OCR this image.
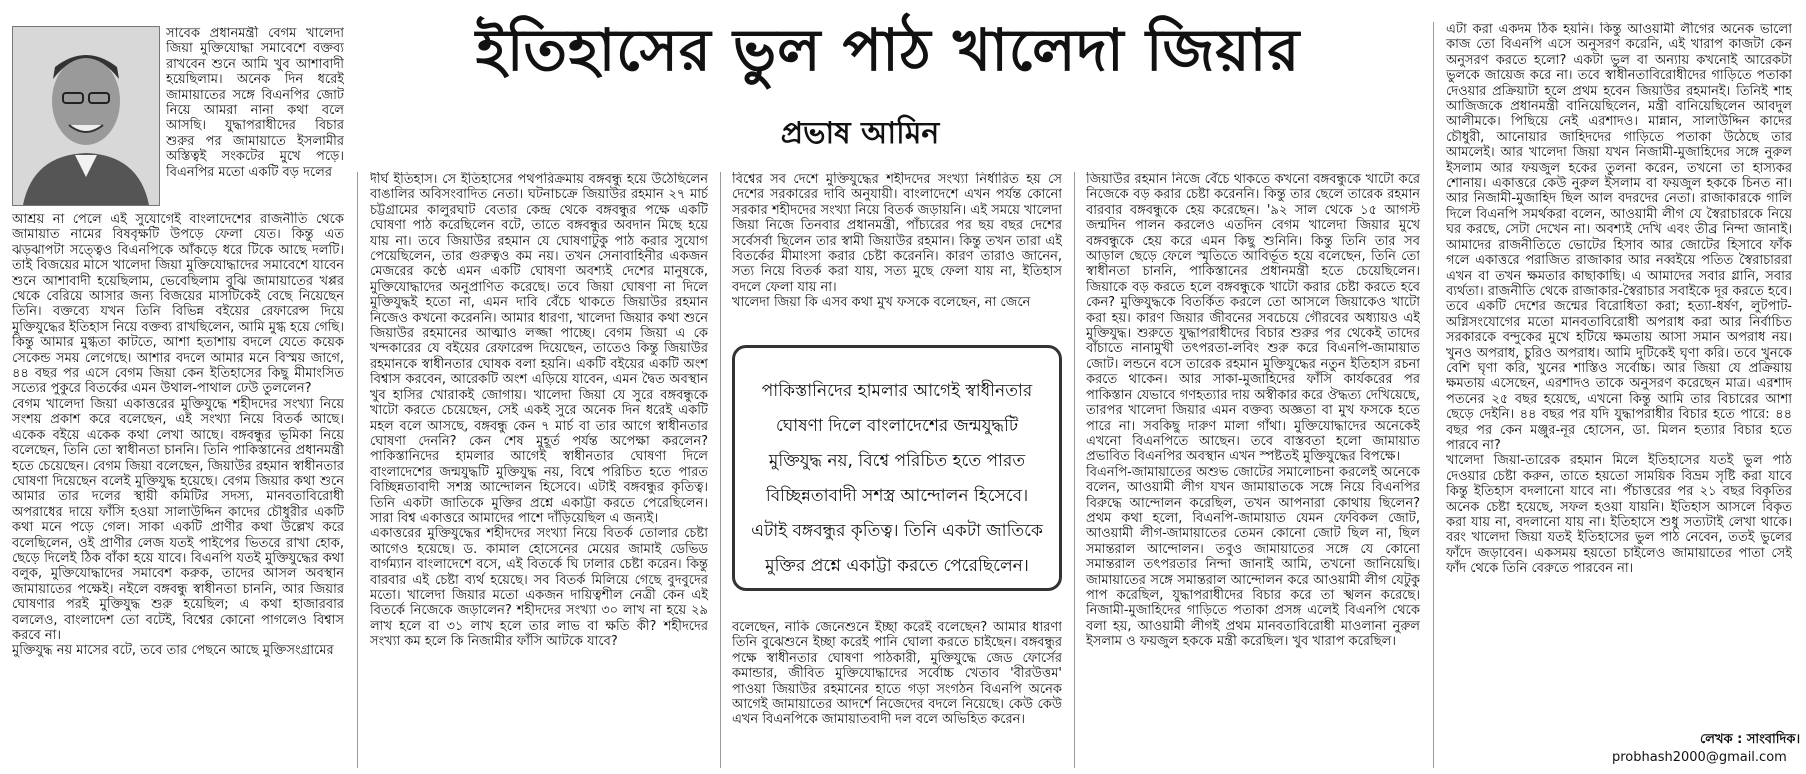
সাবেক প্রধানমন্ত্রী বেগম খালেদা জিয়া মুক্তিযোদ্ধা সমাবেশে বক্তব্য রাখবেন শুনে আমি খুব আশাবাদী হয়েছিলাম। অনেক দিন ধরেই জামায়াতের সঙ্গে বিএনপির জোট নিয়ে আমরা নানা কথা বলে আসছি। যুদ্ধাপরাধীদের বিচার শুরুর পর জামায়াতে ইসলামীর অস্তিত্বই সংকটের মুখে পড়ে। বিএনপির মতো একটি বড় দলের

আশ্রয় না পেলে এই সুযোগেই বাংলাদেশের রাজনীতি থেকে জামায়াত নামের বিষবৃক্ষটি উপড়ে ফেলা যেত। কিন্তু এত ঝড়ঝাপটা সত্ত্বেও বিএনপিকে আঁকড়ে ধরে টিকে আছে দলটি। তাই বিজয়ের মাসে খালেদা জিয়া মুক্তিযোদ্ধাদের সমাবেশে যাবেন শুনে আশাবাদী হয়েছিলাম, ভেবেছিলাম বুঝি জামায়াতের খপ্পর থেকে বেরিয়ে আসার জন্য বিজয়ের মাসটিকেই বেছে নিয়েছেন তিনি। বক্তব্যে যখন তিনি বিভিন্ন বইয়ের রেফারেন্স দিয়ে মুক্তিযুদ্ধের ইতিহাস নিয়ে বক্তব্য রাখছিলেন, আমি মুগ্ধ হয়ে গেছি। কিন্তু আমার মুগ্ধতা কাটতে, আশা হতাশায় বদলে যেতে কয়েক সেকেন্ড সময় লেগেছে। আশার বদলে আমার মনে বিস্ময় জাগে, ৪৪ বছর পর এসে বেগম জিয়া কেন ইতিহাসের কিছু মীমাংসিত সত্যের পুকুরে বিতর্কের এমন উথাল-পাথাল ঢেউ তুললেন?
বেগম খালেদা জিয়া একাত্তরের মুক্তিযুদ্ধে শহীদদের সংখ্যা নিয়ে সংশয় প্রকাশ করে বলেছেন, এই সংখ্যা নিয়ে বিতর্ক আছে। একেক বইয়ে একেক কথা লেখা আছে। বঙ্গবন্ধুর ভূমিকা নিয়ে বলেছেন, তিনি তো স্বাধীনতা চাননি। তিনি পাকিস্তানের প্রধানমন্ত্রী হতে চেয়েছেন। বেগম জিয়া বলেছেন, জিয়াউর রহমান স্বাধীনতার ঘোষণা দিয়েছেন বলেই মুক্তিযুদ্ধ হয়েছে। বেগম জিয়ার কথা শুনে আমার তার দলের স্থায়ী কমিটির সদস্য, মানবতাবিরোধী অপরাধের দায়ে ফাঁসি হওয়া সালাউদ্দিন কাদের চৌধুরীর একটি কথা মনে পড়ে গেল। সাকা একটি প্রাণীর কথা উল্লেখ করে বলেছিলেন, ওই প্রাণীর লেজ যতই পাইপের ভিতরে রাখা হোক, ছেড়ে দিলেই ঠিক বাঁকা হয়ে যাবে। বিএনপি যতই মুক্তিযুদ্ধের কথা বলুক, মুক্তিযোদ্ধাদের সমাবেশ করুক, তাদের আসল অবস্থান জামায়াতের পক্ষেই। নইলে বঙ্গবন্ধু স্বাধীনতা চাননি, আর জিয়ার ঘোষণার পরই মুক্তিযুদ্ধ শুরু হয়েছিল; এ কথা হাজারবার বললেও, বাংলাদেশ তো বটেই, বিশ্বের কোনো পাগলেও বিশ্বাস করবে না।
মুক্তিযুদ্ধ নয় মাসের বটে, তবে তার পেছনে আছে মুক্তিসংগ্রামের

ইতিহাসের ভুল পাঠ খালেদা জিয়ার
প্রভাষ আমিন

দীর্ঘ ইতিহাস। সে ইতিহাসের পথপরিক্রমায় বঙ্গবন্ধু হয়ে উঠেছিলেন বাঙালির অবিসংবাদিত নেতা। ঘটনাচক্রে জিয়াউর রহমান ২৭ মার্চ চট্টগ্রামের কালুরঘাট বেতার কেন্দ্র থেকে বঙ্গবন্ধুর পক্ষে একটি ঘোষণা পাঠ করেছিলেন বটে, তাতে বঙ্গবন্ধুর অবদান মিছে হয়ে যায় না। তবে জিয়াউর রহমান যে ঘোষণাটুকু পাঠ করার সুযোগ পেয়েছিলেন, তার গুরুত্বও কম নয়। তখন সেনাবাহিনীর একজন মেজরের কণ্ঠে এমন একটি ঘোষণা অবশ্যই দেশের মানুষকে, মুক্তিযোদ্ধাদের অনুপ্রাণিত করেছে। তবে জিয়া ঘোষণা না দিলে মুক্তিযুদ্ধই হতো না, এমন দাবি বেঁচে থাকতে জিয়াউর রহমান নিজেও কখনো করেননি। আমার ধারণা, খালেদা জিয়ার কথা শুনে জিয়াউর রহমানের আত্মাও লজ্জা পাচ্ছে। বেগম জিয়া এ কে খন্দকারের যে বইয়ের রেফারেন্স দিয়েছেন, তাতেও কিন্তু জিয়াউর রহমানকে স্বাধীনতার ঘোষক বলা হয়নি। একটি বইয়ের একটি অংশ বিশ্বাস করবেন, আরেকটি অংশ এড়িয়ে যাবেন, এমন দ্বৈত অবস্থান খুব হাসির খোরাকই জোগায়। খালেদা জিয়া যে সুরে বঙ্গবন্ধুকে খাটো করতে চেয়েছেন, সেই একই সুরে অনেক দিন ধরেই একটি মহল বলে আসছে, বঙ্গবন্ধু কেন ৭ মার্চ বা তার আগে স্বাধীনতার ঘোষণা দেননি? কেন শেষ মুহূর্ত পর্যন্ত অপেক্ষা করলেন? পাকিস্তানিদের হামলার আগেই স্বাধীনতার ঘোষণা দিলে বাংলাদেশের জন্মযুদ্ধটি মুক্তিযুদ্ধ নয়, বিশ্বে পরিচিত হতে পারত বিচ্ছিন্নতাবাদী সশস্ত্র আন্দোলন হিসেবে। এটাই বঙ্গবন্ধুর কৃতিত্ব। তিনি একটা জাতিকে মুক্তির প্রশ্নে একাট্টা করতে পেরেছিলেন। সারা বিশ্ব একাত্তরে আমাদের পাশে দাঁড়িয়েছিল এ জন্যই।
একাত্তরের মুক্তিযুদ্ধের শহীদদের সংখ্যা নিয়ে বিতর্ক তোলার চেষ্টা আগেও হয়েছে। ড. কামাল হোসেনের মেয়ের জামাই ডেভিড বার্গম্যান বাংলাদেশে বসে, এই বিতর্কে ঘি ঢালার চেষ্টা করেন। কিন্তু বারবার এই চেষ্টা ব্যর্থ হয়েছে। সব বিতর্ক মিলিয়ে গেছে বুদবুদের মতো। খালেদা জিয়ার মতো একজন দায়িত্বশীল নেত্রী কেন এই বিতর্কে নিজেকে জড়ালেন? শহীদদের সংখ্যা ৩০ লাখ না হয়ে ২৯ লাখ হলে বা ৩১ লাখ হলে তার লাভ বা ক্ষতি কী? শহীদদের সংখ্যা কম হলে কি নিজামীর ফাঁসি আটকে যাবে?

বিশ্বের সব দেশে মুক্তিযুদ্ধের শহীদদের সংখ্যা নির্ধারিত হয় সে দেশের সরকারের দাবি অনুযায়ী। বাংলাদেশে এখন পর্যন্ত কোনো সরকার শহীদদের সংখ্যা নিয়ে বিতর্ক জড়ায়নি। এই সময়ে খালেদা জিয়া নিজে তিনবার প্রধানমন্ত্রী, পাঁচ্যরের পর ছয় বছর দেশের সর্বেসর্বা ছিলেন তার স্বামী জিয়াউর রহমান। কিন্তু তখন তারা এই বিতর্কের মীমাংসা করার চেষ্টা করেননি। কারণ তারাও জানেন, সত্য নিয়ে বিতর্ক করা যায়, সত্য মুছে ফেলা যায় না, ইতিহাস বদলে ফেলা যায় না।
খালেদা জিয়া কি এসব কথা মুখ ফসকে বলেছেন, না জেনে

পাকিস্তানিদের হামলার আগেই স্বাধীনতার ঘোষণা দিলে বাংলাদেশের জন্মযুদ্ধটি মুক্তিযুদ্ধ নয়, বিশ্বে পরিচিত হতে পারত বিচ্ছিন্নতাবাদী সশস্ত্র আন্দোলন হিসেবে। এটাই বঙ্গবন্ধুর কৃতিত্ব। তিনি একটা জাতিকে মুক্তির প্রশ্নে একাট্টা করতে পেরেছিলেন।

বলেছেন, নাকি জেনেশুনে ইচ্ছা করেই বলেছেন? আমার ধারণা তিনি বুঝেশুনে ইচ্ছা করেই পানি ঘোলা করতে চাইছেন। বঙ্গবন্ধুর পক্ষে স্বাধীনতার ঘোষণা পাঠকারী, মুক্তিযুদ্ধে জেড ফোর্সের কমান্ডার, জীবিত মুক্তিযোদ্ধাদের সর্বোচ্চ খেতাব 'বীরউত্তম' পাওয়া জিয়াউর রহমানের হাতে গড়া সংগঠন বিএনপি অনেক আগেই জামায়াতের আদর্শে নিজেদের বদলে নিয়েছে। কেউ কেউ এখন বিএনপিকে জামায়াতবাদী দল বলে অভিহিত করেন।

জিয়াউর রহমান নিজে বেঁচে থাকতে কখনো বঙ্গবন্ধুকে খাটো করে নিজেকে বড় করার চেষ্টা করেননি। কিন্তু তার ছেলে তারেক রহমান বারবার বঙ্গবন্ধুকে হেয় করেছেন। '৯২ সাল থেকে ১৫ আগস্ট জন্মদিন পালন করলেও এতদিন বেগম খালেদা জিয়ার মুখে বঙ্গবন্ধুকে হেয় করে এমন কিছু শুনিনি। কিন্তু তিনি তার সব আড়াল ছেড়ে ফেলে স্মৃতিতে আবির্ভূত হয়ে বলেছেন, তিনি তো স্বাধীনতা চাননি, পাকিস্তানের প্রধানমন্ত্রী হতে চেয়েছিলেন। জিয়াকে বড় করতে হলে বঙ্গবন্ধুকে খাটো করার চেষ্টা করতে হবে কেন? মুক্তিযুদ্ধকে বিতর্কিত করলে তো আসলে জিয়াকেও খাটো করা হয়। কারণ জিয়ার জীবনের সবচেয়ে গৌরবের অধ্যায়ও এই মুক্তিযুদ্ধ। শুরুতে যুদ্ধাপরাধীদের বিচার শুরুর পর থেকেই তাদের বাঁচাতে নানামুখী তৎপরতা-লবিং শুরু করে বিএনপি-জামায়াত জোট। লন্ডনে বসে তারেক রহমান মুক্তিযুদ্ধের নতুন ইতিহাস রচনা করতে থাকেন। আর সাকা-মুজাহিদের ফাঁসি কার্যকরের পর পাকিস্তান যেভাবে গণহত্যার দায় অস্বীকার করে ঔদ্ধত্য দেখিয়েছে, তারপর খালেদা জিয়ার এমন বক্তব্য অজ্ঞতা বা মুখ ফসকে হতে পারে না। সবকিছু দারুণ মালা গাঁথা। মুক্তিযোদ্ধাদের অনেকেই এখনো বিএনপিতে আছেন। তবে বাস্তবতা হলো জামায়াত প্রভাবিত বিএনপির অবস্থান এখন স্পষ্টতই মুক্তিযুদ্ধের বিপক্ষে।
বিএনপি-জামায়াতের অশুভ জোটের সমালোচনা করলেই অনেকে বলেন, আওয়ামী লীগ যখন জামায়াতকে সঙ্গে নিয়ে বিএনপির বিরুদ্ধে আন্দোলন করেছিল, তখন আপনারা কোথায় ছিলেন? প্রথম কথা হলো, বিএনপি-জামায়াত যেমন ফেবিকল জোট, আওয়ামী লীগ-জামায়াতের তেমন কোনো জোট ছিল না, ছিল সমান্তরাল আন্দোলন। তবুও জামায়াতের সঙ্গে যে কোনো সমান্তরাল তৎপরতার নিন্দা জানাই আমি, তখনো জানিয়েছি। জামায়াতের সঙ্গে সমান্তরাল আন্দোলন করে আওয়ামী লীগ যেটুকু পাপ করেছিল, যুদ্ধাপরাধীদের বিচার করে তা স্খলন করেছে। নিজামী-মুজাহিদের গাড়িতে পতাকা প্রসঙ্গ এলেই বিএনপি থেকে বলা হয়, আওয়ামী লীগই প্রথম মানবতাবিরোধী মাওলানা নুরুল ইসলাম ও ফয়জুল হককে মন্ত্রী করেছিল। খুব খারাপ করেছিল।

এটা করা একদম ঠিক হয়নি। কিন্তু আওয়ামী লীগের অনেক ভালো কাজ তো বিএনপি এসে অনুসরণ করেনি, এই খারাপ কাজটা কেন অনুসরণ করতে হলো? একটা ভুল বা অন্যায় কখনোই আরেকটা ভুলকে জায়েজ করে না। তবে স্বাধীনতাবিরোধীদের গাড়িতে পতাকা দেওয়ার প্রক্রিয়াটা হলে প্রথম হবেন জিয়াউর রহমানই। তিনিই শাহ আজিজকে প্রধানমন্ত্রী বানিয়েছিলেন, মন্ত্রী বানিয়েছিলেন আবদুল আলীমকে। পিছিয়ে নেই এরশাদও। মান্নান, সালাউদ্দিন কাদের চৌধুরী, আনোয়ার জাহিদদের গাড়িতে পতাকা উঠেছে তার আমলেই। আর খালেদা জিয়া যখন নিজামী-মুজাহিদের সঙ্গে নুরুল ইসলাম আর ফয়জুল হকের তুলনা করেন, তখনো তা হাস্যকর শোনায়। একাত্তরে কেউ নুরুল ইসলাম বা ফয়জুল হককে চিনত না। আর নিজামী-মুজাহিদ ছিল আল বদরদের নেতা। রাজাকারকে গালি দিলে বিএনপি সমর্থকরা বলেন, আওয়ামী লীগ যে স্বৈরাচারকে নিয়ে ঘর করছে, সেটা দেখেন না। অবশ্যই দেখি এবং তীব্র নিন্দা জানাই। আমাদের রাজনীতিতে ভোটের হিসাব আর জোটের হিসাবে ফাঁক গলে একাত্তরে পরাজিত রাজাকার আর নব্বইয়ে পতিত স্বৈরাচাররা এখন বা তখন ক্ষমতার কাছাকাছি। এ আমাদের সবার গ্লানি, সবার ব্যর্থতা। রাজনীতি থেকে রাজাকার-স্বৈরাচার সবাইকে দূর করতে হবে। তবে একটি দেশের জন্মের বিরোধিতা করা; হত্যা-ধর্ষণ, লুটপাট-অগ্নিসংযোগের মতো মানবতাবিরোধী অপরাধ করা আর নির্বাচিত সরকারকে বন্দুকের মুখে হটিয়ে ক্ষমতায় আসা সমান অপরাধ নয়। খুনও অপরাধ, চুরিও অপরাধ। আমি দুটিকেই ঘৃণা করি। তবে খুনকে বেশি ঘৃণা করি, খুনের শাস্তিও সর্বোচ্চ। আর জিয়া যে প্রক্রিয়ায় ক্ষমতায় এসেছেন, এরশাদও তাকে অনুসরণ করেছেন মাত্র। এরশাদ পতনের ২৫ বছর হয়েছে, এখনো কিন্তু আমি তার বিচারের আশা ছেড়ে দেইনি। ৪৪ বছর পর যদি যুদ্ধাপরাধীর বিচার হতে পারে: ৪৪ বছর পর কেন মঞ্জুর-নূর হোসেন, ডা. মিলন হত্যার বিচার হতে পারবে না?
খালেদা জিয়া-তারেক রহমান মিলে ইতিহাসের যতই ভুল পাঠ দেওয়ার চেষ্টা করুন, তাতে হয়তো সাময়িক বিভ্রম সৃষ্টি করা যাবে কিন্তু ইতিহাস বদলানো যাবে না। পঁচাত্তরের পর ২১ বছর বিকৃতির অনেক চেষ্টা হয়েছে, সফল হওয়া যায়নি। ইতিহাস আসলে বিকৃত করা যায় না, বদলানো যায় না। ইতিহাসে শুধু সত্যটাই লেখা থাকে। বরং খালেদা জিয়া যতই ইতিহাসের ভুল পাঠ নেবেন, ততই ভুলের ফাঁদে জড়াবেন। একসময় হয়তো চাইলেও জামায়াতের পাতা সেই ফাঁদ থেকে তিনি বেরুতে পারবেন না।

লেখক : সাংবাদিক।
probhash2000@gmail.com
